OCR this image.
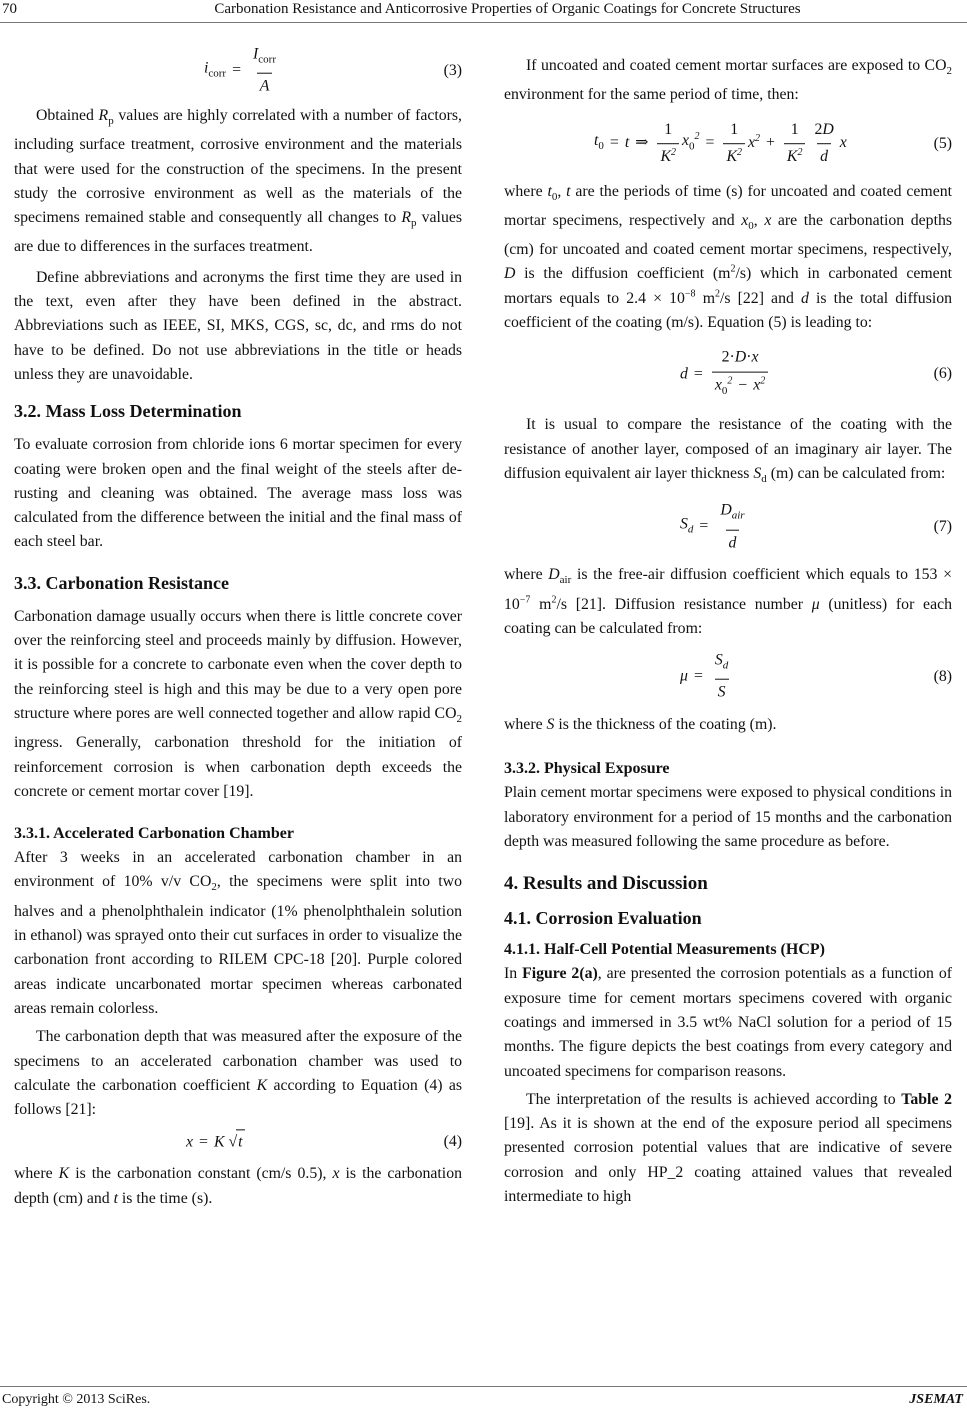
70	Carbonation Resistance and Anticorrosive Properties of Organic Coatings for Concrete Structures
$i_{corr} = \frac{I_{corr}}{A}$	(3)

Obtained $R_p$ values are highly correlated with a number of factors, including surface treatment, corrosive environment and the materials that were used for the construction of the specimens. In the present study the corrosive environment as well as the materials of the specimens remained stable and consequently all changes to $R_p$ values are due to differences in the surfaces treatment.

Define abbreviations and acronyms the first time they are used in the text, even after they have been defined in the abstract. Abbreviations such as IEEE, SI, MKS, CGS, sc, dc, and rms do not have to be defined. Do not use abbreviations in the title or heads unless they are unavoidable.

3.2. Mass Loss Determination

To evaluate corrosion from chloride ions 6 mortar specimen for every coating were broken open and the final weight of the steels after de-rusting and cleaning was obtained. The average mass loss was calculated from the difference between the initial and the final mass of each steel bar.

3.3. Carbonation Resistance

Carbonation damage usually occurs when there is little concrete cover over the reinforcing steel and proceeds mainly by diffusion. However, it is possible for a concrete to carbonate even when the cover depth to the reinforcing steel is high and this may be due to a very open pore structure where pores are well connected together and allow rapid $CO_2$ ingress. Generally, carbonation threshold for the initiation of reinforcement corrosion is when carbonation depth exceeds the concrete or cement mortar cover [19].

3.3.1. Accelerated Carbonation Chamber

After 3 weeks in an accelerated carbonation chamber in an environment of 10% v/v $CO_2$, the specimens were split into two halves and a phenolphthalein indicator (1% phenolphthalein solution in ethanol) was sprayed onto their cut surfaces in order to visualize the carbonation front according to RILEM CPC-18 [20]. Purple colored areas indicate uncarbonated mortar specimen whereas carbonated areas remain colorless.

The carbonation depth that was measured after the exposure of the specimens to an accelerated carbonation chamber was used to calculate the carbonation coefficient K according to Equation (4) as follows [21]:

x = K √ t	(4)

where K is the carbonation constant (cm/s 0.5), x is the carbonation depth (cm) and t is the time (s).

If uncoated and coated cement mortar surfaces are exposed to $CO_2$ environment for the same period of time, then:

$t_0 = t$ ⇒ $\frac{1}{K^2} x_0^2 = \frac{1}{K^2} x^2 + \frac{1}{K^2} \frac{2D}{d}$ x	(5)

where $t_0$, t are the periods of time (s) for uncoated and coated cement mortar specimens, respectively and $x_0$, x are the carbonation depths (cm) for uncoated and coated cement mortar specimens, respectively, D is the diffusion coefficient $(m^2/s)$ which in carbonated cement mortars equals to $2.4 \times 10^{-8}$ $m^2/s$ [22] and d is the total diffusion coefficient of the coating (m/s). Equation (5) is leading to:

$d = \frac{2\cdot D\cdot x}{x_0^2 - x^2}$	(6)

It is usual to compare the resistance of the coating with the resistance of another layer, composed of an imaginary air layer. The diffusion equivalent air layer thickness $S_d$ (m) can be calculated from:

$S_d = \frac{D_{air}}{d}$	(7)

where $D_{air}$ is the free-air diffusion coefficient which equals to $153 \times 10^{-7}$ $m^2/s$ [21]. Diffusion resistance number μ (unitless) for each coating can be calculated from:

$\mu = \frac{S_d}{S}$	(8)

where S is the thickness of the coating (m).

3.3.2. Physical Exposure

Plain cement mortar specimens were exposed to physical conditions in laboratory environment for a period of 15 months and the carbonation depth was measured following the same procedure as before.

4. Results and Discussion
4.1. Corrosion Evaluation
4.1.1. Half-Cell Potential Measurements (HCP)

In Figure 2(a), are presented the corrosion potentials as a function of exposure time for cement mortars specimens covered with organic coatings and immersed in 3.5 wt% NaCl solution for a period of 15 months. The figure depicts the best coatings from every category and uncoated specimens for comparison reasons.

The interpretation of the results is achieved according to Table 2 [19]. As it is shown at the end of the exposure period all specimens presented corrosion potential values that are indicative of severe corrosion and only HP_2 coating attained values that revealed intermediate to high

Copyright © 2013 SciRes.	JSEMAT
